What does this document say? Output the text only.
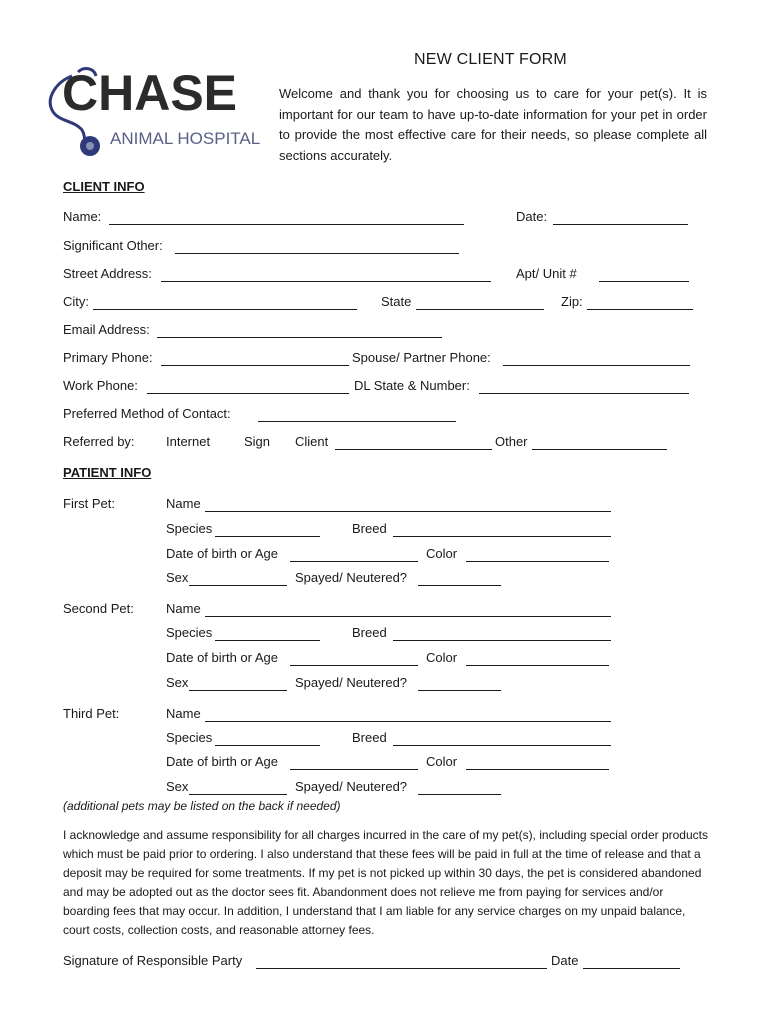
CHASE
ANIMAL HOSPITAL
NEW CLIENT FORM
Welcome and thank you for choosing us to care for your pet(s). It is important for our team to have up-to-date information for your pet in order to provide the most effective care for their needs, so please complete all sections accurately.
CLIENT INFO
Name:	Date:
Significant Other:
Street Address:	Apt/ Unit #
City:	State	Zip:
Email Address:
Primary Phone:	Spouse/ Partner Phone:
Work Phone:	DL State & Number:
Preferred Method of Contact:
Referred by: Internet	Sign Client	Other
PATIENT INFO
First Pet:	Name
Species	Breed
Date of birth or Age	Color
Sex	Spayed/ Neutered?
Second Pet: Name
Species	Breed
Date of birth or Age	Color
Sex	Spayed/ Neutered?
Third Pet:	Name
Species	Breed
Date of birth or Age	Color
Sex	Spayed/ Neutered?
(additional pets may be listed on the back if needed)
I acknowledge and assume responsibility for all charges incurred in the care of my pet(s), including special order products which must be paid prior to ordering. I also understand that these fees will be paid in full at the time of release and that a deposit may be required for some treatments. If my pet is not picked up within 30 days, the pet is considered abandoned and may be adopted out as the doctor sees fit. Abandonment does not relieve me from paying for services and/or boarding fees that may occur. In addition, I understand that I am liable for any service charges on my unpaid balance, court costs, collection costs, and reasonable attorney fees.
Signature of Responsible Party	Date
